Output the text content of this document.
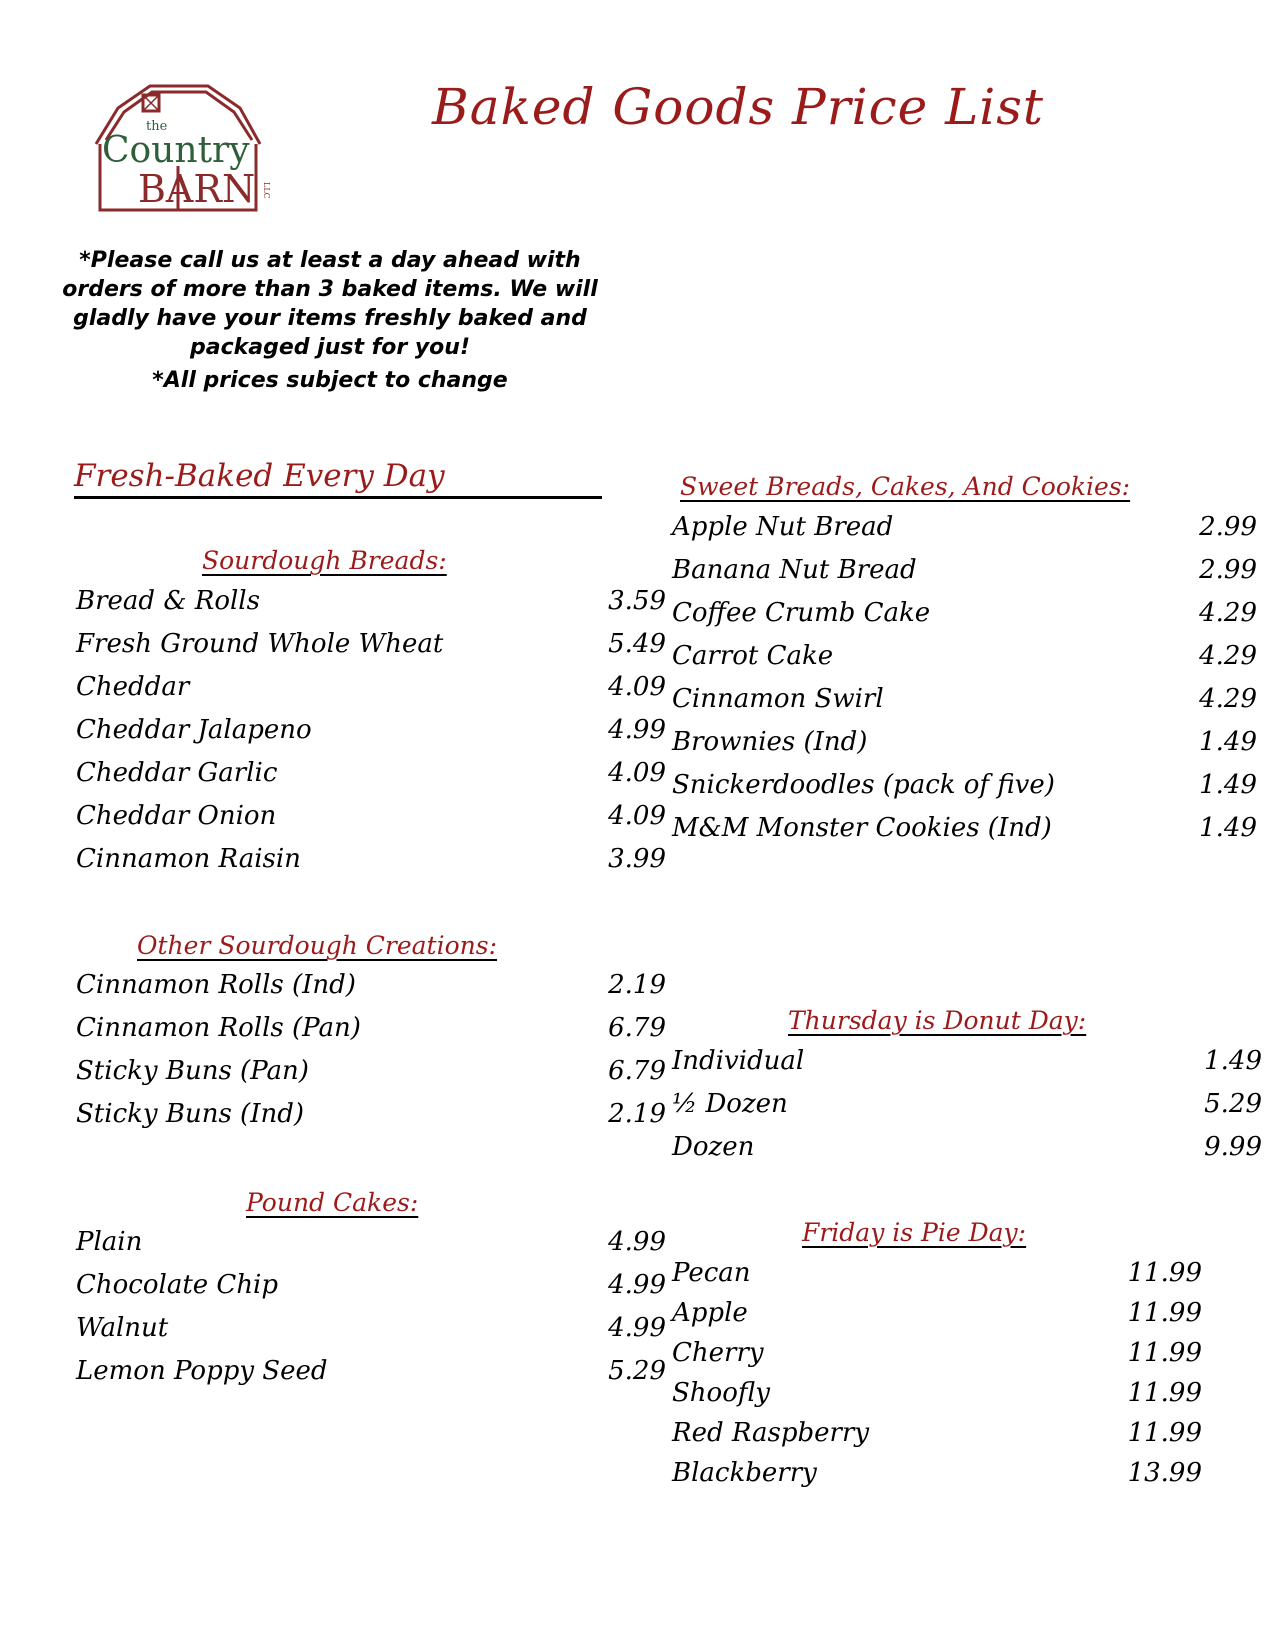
the
Country
BARN LLC
Baked Goods Price List
*Please call us at least a day ahead with orders of more than 3 baked items. We will gladly have your items freshly baked and packaged just for you!
*All prices subject to change
Fresh-Baked Every Day
Sourdough Breads:
Bread & Rolls	3.59
Fresh Ground Whole Wheat	5.49
Cheddar	4.09
Cheddar Jalapeno	4.99
Cheddar Garlic	4.09
Cheddar Onion	4.09
Cinnamon Raisin	3.99
Other Sourdough Creations:
Cinnamon Rolls (Ind)	2.19
Cinnamon Rolls (Pan)	6.79
Sticky Buns (Pan)	6.79
Sticky Buns (Ind)	2.19
Pound Cakes:
Plain	4.99
Chocolate Chip	4.99
Walnut	4.99
Lemon Poppy Seed	5.29
Sweet Breads, Cakes, And Cookies:
Apple Nut Bread	2.99
Banana Nut Bread	2.99
Coffee Crumb Cake	4.29
Carrot Cake	4.29
Cinnamon Swirl	4.29
Brownies (Ind)	1.49
Snickerdoodles (pack of five)	1.49
M&M Monster Cookies (Ind)	1.49
Thursday is Donut Day:
Individual	1.49
½ Dozen	5.29
Dozen	9.99
Friday is Pie Day:
Pecan	11.99
Apple	11.99
Cherry	11.99
Shoofly	11.99
Red Raspberry	11.99
Blackberry	13.99
